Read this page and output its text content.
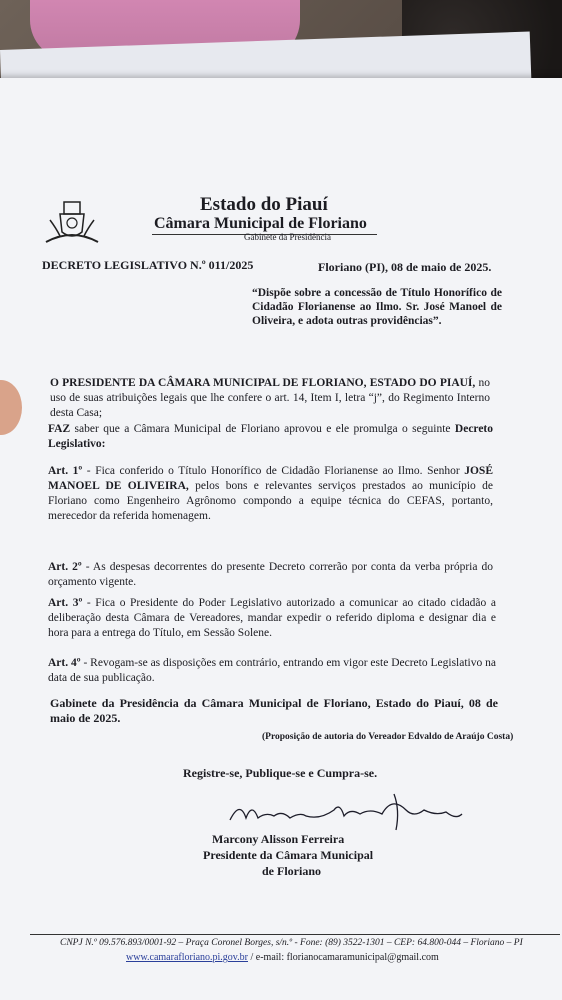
Estado do Piauí
Câmara Municipal de Floriano
Gabinete da Presidência
DECRETO LEGISLATIVO N.º 011/2025	Floriano (PI), 08 de maio de 2025.
“Dispõe sobre a concessão de Título Honorífico de Cidadão Florianense ao Ilmo. Sr. José Manoel de Oliveira, e adota outras providências”.
O PRESIDENTE DA CÂMARA MUNICIPAL DE FLORIANO, ESTADO DO PIAUÍ, no uso de suas atribuições legais que lhe confere o art. 14, Item I, letra “j”, do Regimento Interno desta Casa;
FAZ saber que a Câmara Municipal de Floriano aprovou e ele promulga o seguinte Decreto Legislativo:
Art. 1º - Fica conferido o Título Honorífico de Cidadão Florianense ao Ilmo. Senhor JOSÉ MANOEL DE OLIVEIRA, pelos bons e relevantes serviços prestados ao município de Floriano como Engenheiro Agrônomo compondo a equipe técnica do CEFAS, portanto, merecedor da referida homenagem.
Art. 2º - As despesas decorrentes do presente Decreto correrão por conta da verba própria do orçamento vigente.
Art. 3º - Fica o Presidente do Poder Legislativo autorizado a comunicar ao citado cidadão a deliberação desta Câmara de Vereadores, mandar expedir o referido diploma e designar dia e hora para a entrega do Título, em Sessão Solene.
Art. 4º - Revogam-se as disposições em contrário, entrando em vigor este Decreto Legislativo na data de sua publicação.
Gabinete da Presidência da Câmara Municipal de Floriano, Estado do Piauí, 08 de maio de 2025.
(Proposição de autoria do Vereador Edvaldo de Araújo Costa)
Registre-se, Publique-se e Cumpra-se.
Marcony Alisson Ferreira
Presidente da Câmara Municipal
de Floriano
CNPJ N.º 09.576.893/0001-92 – Praça Coronel Borges, s/n.º - Fone: (89) 3522-1301 – CEP: 64.800-044 – Floriano – PI
www.camarafloriano.pi.gov.br / e-mail: florianocamaramunicipal@gmail.com
